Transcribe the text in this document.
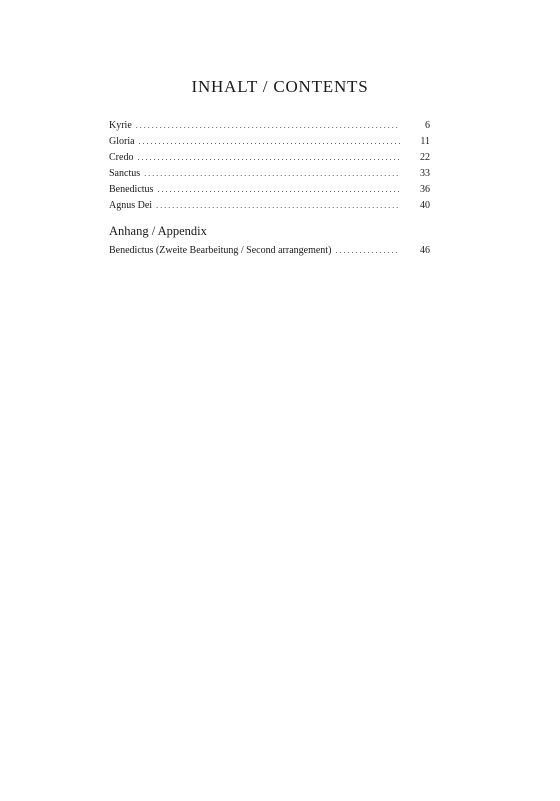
INHALT / CONTENTS
Kyrie . . .	6
Gloria . . .	11
Credo . . .	22
Sanctus . . .	33
Benedictus . . .	36
Agnus Dei . . .	40
Anhang / Appendix
Benedictus (Zweite Bearbeitung / Second arrangement) . . .	46
